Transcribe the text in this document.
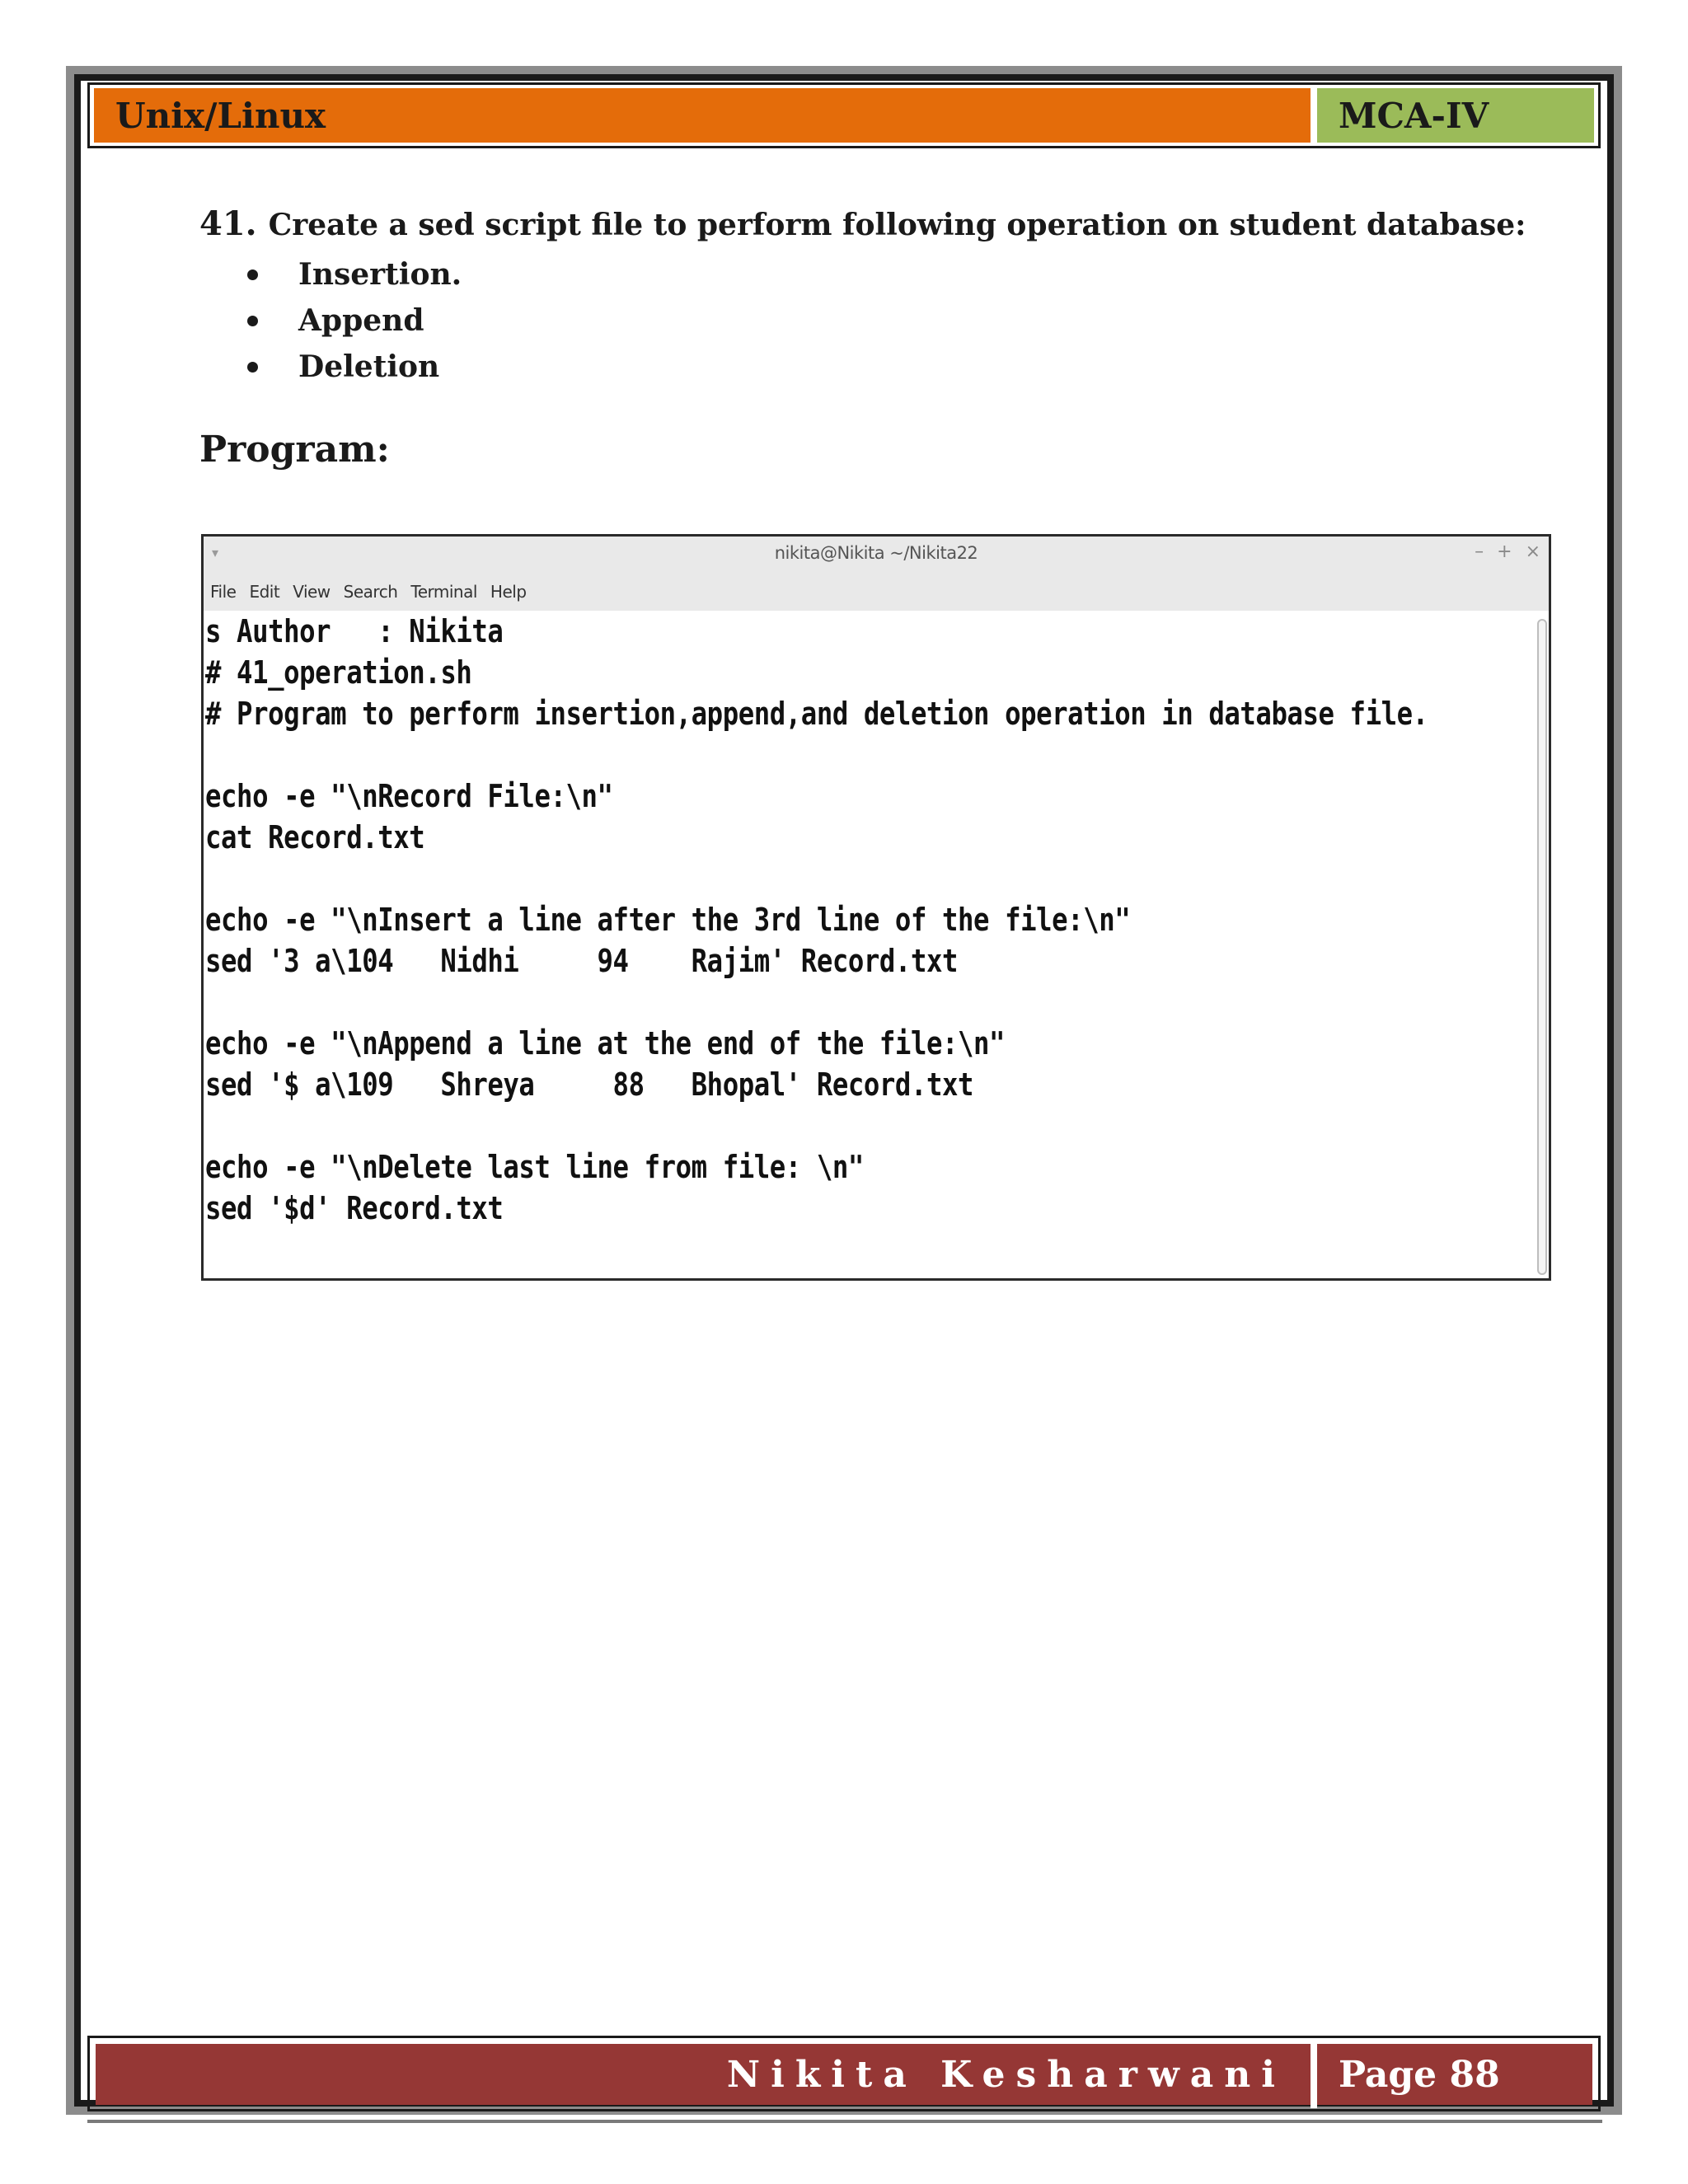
Unix/Linux	MCA-IV
41. Create a sed script file to perform following operation on student database:
Insertion.
Append
Deletion
Program:
▾	nikita@Nikita ~/Nikita22	– + ×
File Edit View Search Terminal Help
s Author   : Nikita
# 41_operation.sh
# Program to perform insertion,append,and deletion operation in database file.
echo -e "\nRecord File:\n"
cat Record.txt
echo -e "\nInsert a line after the 3rd line of the file:\n"
sed '3 a\104   Nidhi     94    Rajim' Record.txt
echo -e "\nAppend a line at the end of the file:\n"
sed '$ a\109   Shreya     88   Bhopal' Record.txt
echo -e "\nDelete last line from file: \n"
sed '$d' Record.txt
Nikita Kesharwani	Page 88
